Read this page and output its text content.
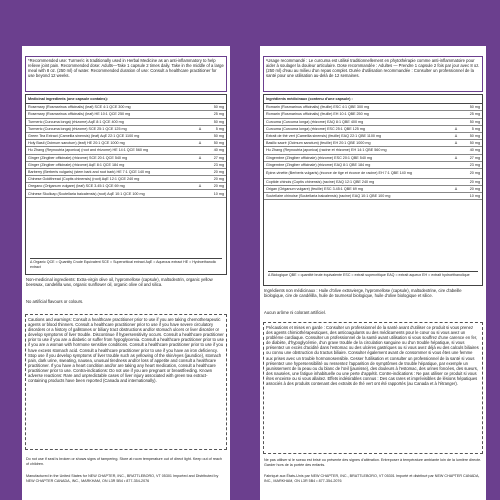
*Recommended use: Turmeric is traditionally used in Herbal Medicine as an anti-inflammatory to help relieve joint pain. Recommended dose: Adults—Take 1 capsule 2 times daily. Take in the middle of a large meal with 8 oz. (250 ml) of water. Recommended duration of use: Consult a healthcare practitioner for use beyond 12 weeks.
Medicinal ingredients (one capsule contains):
Rosemary (Rosmarinus officinalis) (leaf) SCE 4:1 QCE 300 mg	50 mg
Rosemary (Rosmarinus officinalis) (leaf) HE 10:1 QCE 250 mg	25 mg
Turmeric (Curcuma longa) (rhizome) AqE 8:1 QCE 400 mg	50 mg
Turmeric (Curcuma longa) (rhizome) SCE 25:1 QCE 125 mg	Δ	5 mg
Green Tea Extract (Camellia sinensis) (leaf) AqE 22:1 QCE 1100 mg	50 mg
Holy Basil (Ocimum sanctum) (leaf) HE 20:1 QCE 1000 mg	Δ	50 mg
Hu Zhang (Reynoutria japonica) (root and rhizome) HE 14:1 QCE 560 mg	40 mg
Ginger (Zingiber officinale) (rhizome) SCE 20:1 QCE 540 mg	Δ	27 mg
Ginger (Zingiber officinale) (rhizome) AqE 8:1 QCE 184 mg	23 mg
Barberry (Berberis vulgaris) (stem bark and root bark) HE 7:1 QCE 140 mg	20 mg
Chinese Goldthread (Coptis chinensis) (root) AqE 12:1 QCE 240 mg	20 mg
Oregano (Origanum vulgare) (leaf) SCE 3.45:1 QCE 69 mg	Δ	20 mg
Chinese Skullcap (Scutellaria baicalensis) (root) AqE 10:1 QCE 100 mg	10 mg
Δ Organic QCE = Quantity Crude Equivalent SCE = Supercritical extract AqE = Aqueous extract HE = Hydroethanolic extract
Non-medicinal ingredients: Extra-virgin olive oil, hypromellose (capsule), maltodextrin, organic yellow beeswax, candelilla wax, organic sunflower oil, organic olive oil and silica.
No artificial flavours or colours.
Cautions and warnings: Consult a healthcare practitioner prior to use if you are taking chemotherapeutic agents or blood thinners. Consult a healthcare practitioner prior to use if you have severe circulatory disorders or a history of gallstones or biliary tract obstructions and/or stomach ulcers or liver disorder or develop symptoms of liver trouble. Discontinue if hypersensitivity occurs. Consult a healthcare practitioner prior to use if you are a diabetic or suffer from hypoglycemia. Consult a healthcare practitioner prior to use if you are a woman with hormone sensitive conditions. Consult a healthcare practitioner prior to use if you have excess stomach acid. Consult a healthcare practitioner prior to use if you have an iron deficiency. Stop use if you develop symptoms of liver trouble such as yellowing of the skin/eyes (jaundice), stomach pain, dark urine, sweating, nausea, unusual tiredness and/or loss of appetite and consult a healthcare practitioner. If you have a heart condition and/or are taking any heart medication, consult a healthcare practitioner prior to use. Contra-indications: Do not use if you are pregnant or breastfeeding. Known adverse reactions: Rare and unpredictable cases of liver injury associated with green tea extract-containing products have been reported (Canada and internationally).
Do not use if seal is broken or shows signs of tampering. Store at room temperature out of direct light. Keep out of reach of children.
Manufactured in the United States for NEW CHAPTER, INC., BRATTLEBORO, VT 05301 Imported and Distributed by NEW CHAPTER CANADA, INC., MARKHAM, ON L3R 5B4 • 877-354-2076
¹Usage recommandé : Le curcuma est utilisé traditionnellement en phytothérapie comme anti-inflammatoire pour aider à soulager la douleur articulaire. Dose recommandée : Adultes — Prendre 1 capsule 2 fois par jour avec 8 oz. (250 ml) d'eau au milieu d'un repas complet. Durée d'utilisation recommandée : Consulter un professionnel de la santé pour une utilisation au-delà de 12 semaines.
Ingrédients médicinaux (contenu d'une capsule) :
Romarin (Rosmarinus officinalis) (feuille) ESC 4:1 QBE 300 mg	50 mg
Romarin (Rosmarinus officinalis) (feuille) EH 10:1 QBE 250 mg	25 mg
Curcuma (Curcuma longa) (rhizome) EAQ 8:1 QBE 400 mg	50 mg
Curcuma (Curcuma longa) (rhizome) ESC 25:1 QBE 125 mg	Δ	5 mg
Extrait de thé vert (Camellia sinensis) (feuille) EAQ 22:1 QBE 1100 mg	Δ	50 mg
Basilic sacré (Ocimum sanctum) (feuille) EH 20:1 QBE 1000 mg	Δ	50 mg
Hu Zhang (Reynoutria japonica) (racine et rhizome) EH 14:1 QBE 560 mg	40 mg
Gingembre (Zingiber officinale) (rhizome) ESC 20:1 QBE 540 mg	Δ	27 mg
Gingembre (Zingiber officinale) (rhizome) EAQ 8:1 QBE 184 mg	23 mg
Épine-vinette (Berberis vulgaris) (écorce de tige et écorce de racine) EH 7:1 QBE 140 mg	20 mg
Coptide chinois (Coptis chinensis) (racine) EAQ 12:1 QBE 240 mg	20 mg
Origan (Origanum vulgare) (feuille) ESC 3.45:1 QBE 69 mg	Δ	20 mg
Scutellaire chinoise (Scutellaria baicalensis) (racine) EAQ 10:1 QBE 100 mg	10 mg
Δ Biologique QBE = quantité brute équivalente ESC = extrait supercritique EAQ = extrait aqueux EH = extrait hydroéthanolique
Ingrédients non médicinaux : Huile d'olive extravierge, hypromellose (capsule), maltodextrine, cire d'abeille biologique, cire de candélilla, huile de tournesol biologique, huile d'olive biologique et silice.
Aucun arôme ni colorant artificiel.
Précautions et mises en garde : Consulter un professionnel de la santé avant d'utiliser ce produit si vous prenez des agents chimiothérapeutiques, des anticoagulants ou des médicaments pour le cœur ou si vous avez un problème cardiaque. Consulter un professionnel de la santé avant utilisation si vous souffrez d'une carence en fer, de diabète, d'hypoglycémie, d'un grave trouble de la circulation sanguine ou d'un trouble hépatique, si vous présentez un excès d'acidité dans l'estomac ou des ulcères gastriques ou si vous avez déjà eu des calculs biliaires ou connu une obstruction du tractus biliaire. Consulter également avant de consommer si vous êtes une femme aux prises avec un trouble hormonosensible. Cesser l'utilisation et consulter un professionnel de la santé si vous présentez une hypersensibilité ou ressentez l'apparition de symptômes de trouble hépatique, par exemple un jaunissement de la peau ou du blanc de l'œil (jaunisse), des douleurs à l'estomac, des urines foncées, des sueurs, des nausées, une fatigue inhabituelle ou une perte d'appétit. Contre-indications : Ne pas utiliser ce produit si vous êtes enceinte ou si vous allaitez. Effets indésirables connus : Des cas rares et imprévisibles de lésions hépatiques associés à des produits contenant des extraits de thé vert ont été rapportés (au Canada et à l'étranger).
Ne pas utiliser si le sceau est brisé ou présente des signes d'altération. Entreposer à température ambiante loin de la lumière directe. Garder hors de la portée des enfants.
Fabriqué aux États-Unis par NEW CHAPTER, INC., BRATTLEBORO, VT 05301 Importé et distribué par NEW CHAPTER CANADA, INC., MARKHAM, ON L3R 5B4 • 877-354-2076
